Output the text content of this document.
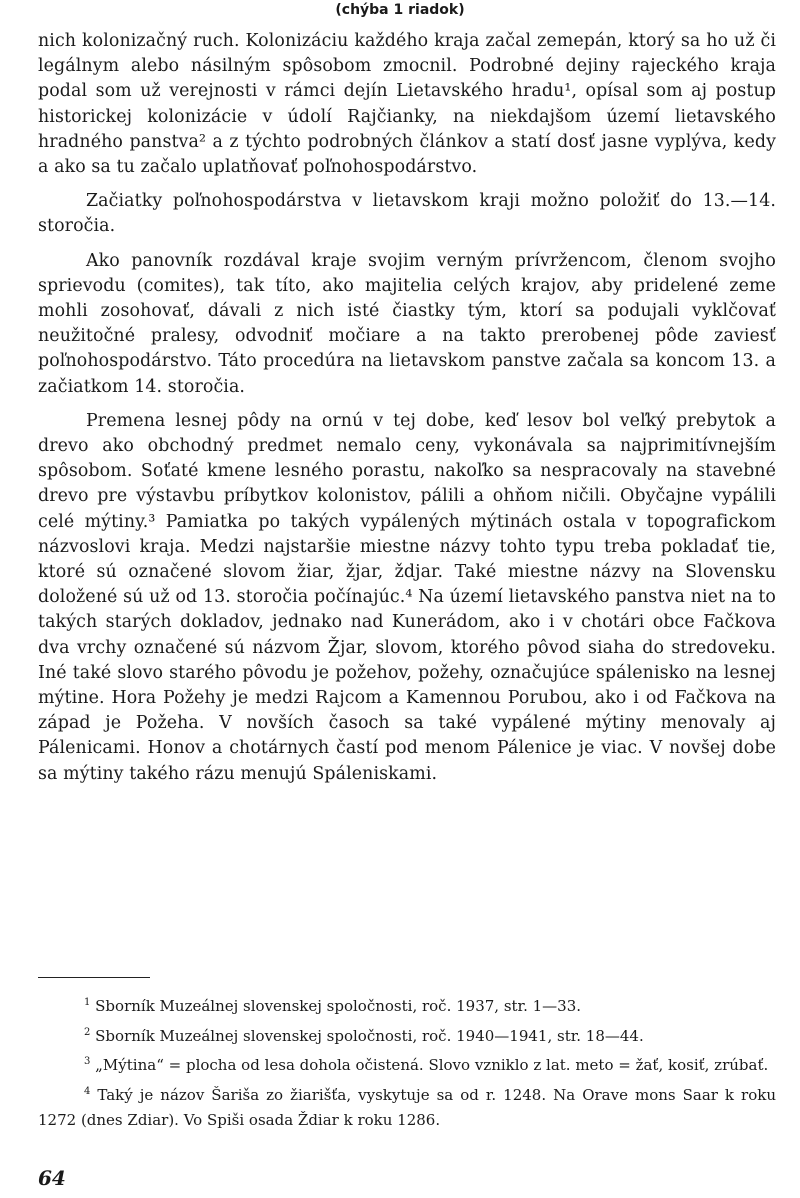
(chýba 1 riadok)

nich kolonizačný ruch. Kolonizáciu každého kraja začal zemepán, ktorý sa ho už či legálnym alebo násilným spôsobom zmocnil. Podrobné dejiny rajeckého kraja podal som už verejnosti v rámci dejín Lietavského hradu¹, opísal som aj postup historickej kolonizácie v údolí Rajčianky, na niekdajšom území lietavského hradného panstva² a z týchto podrobných článkov a statí dosť jasne vyplýva, kedy a ako sa tu začalo uplatňovať poľnohospodárstvo.

Začiatky poľnohospodárstva v lietavskom kraji možno položiť do 13.—14. storočia.

Ako panovník rozdával kraje svojim verným prívržencom, členom svojho sprievodu (comites), tak títo, ako majitelia celých krajov, aby pridelené zeme mohli zosohovať, dávali z nich isté čiastky tým, ktorí sa podujali vyklčovať neužitočné pralesy, odvodniť močiare a na takto prerobenej pôde zaviesť poľnohospodárstvo. Táto procedúra na lietavskom panstve začala sa koncom 13. a začiatkom 14. storočia.

Premena lesnej pôdy na ornú v tej dobe, keď lesov bol veľký prebytok a drevo ako obchodný predmet nemalo ceny, vykonávala sa najprimitívnejším spôsobom. Soťaté kmene lesného porastu, nakoľko sa nespracovaly na stavebné drevo pre výstavbu príbytkov kolonistov, pálili a ohňom ničili. Obyčajne vypálili celé mýtiny.³ Pamiatka po takých vypálených mýtinách ostala v topografickom názvoslovi kraja. Medzi najstaršie miestne názvy tohto typu treba pokladať tie, ktoré sú označené slovom žiar, žjar, ždjar. Také miestne názvy na Slovensku doložené sú už od 13. storočia počínajúc.⁴ Na území lietavského panstva niet na to takých starých dokladov, jednako nad Kunerádom, ako i v chotári obce Fačkova dva vrchy označené sú názvom Žjar, slovom, ktorého pôvod siaha do stredoveku. Iné také slovo starého pôvodu je požehov, požehy, označujúce spálenisko na lesnej mýtine. Hora Požehy je medzi Rajcom a Kamennou Porubou, ako i od Fačkova na západ je Požeha. V novších časoch sa také vypálené mýtiny menovaly aj Pálenicami. Honov a chotárnych častí pod menom Pálenice je viac. V novšej dobe sa mýtiny takého rázu menujú Spáleniskami.

$^1$ Sborník Muzeálnej slovenskej spoločnosti, roč. 1937, str. 1—33.

$^2$ Sborník Muzeálnej slovenskej spoločnosti, roč. 1940—1941, str. 18—44.

$^3$ „Mýtina“ = plocha od lesa dohola očistená. Slovo vzniklo z lat. meto = žať, kosiť, zrúbať.

$^4$ Taký je názov Šariša zo žiarišťa, vyskytuje sa od r. 1248. Na Orave mons Saar k roku 1272 (dnes Zdiar). Vo Spiši osada Ždiar k roku 1286.

64
